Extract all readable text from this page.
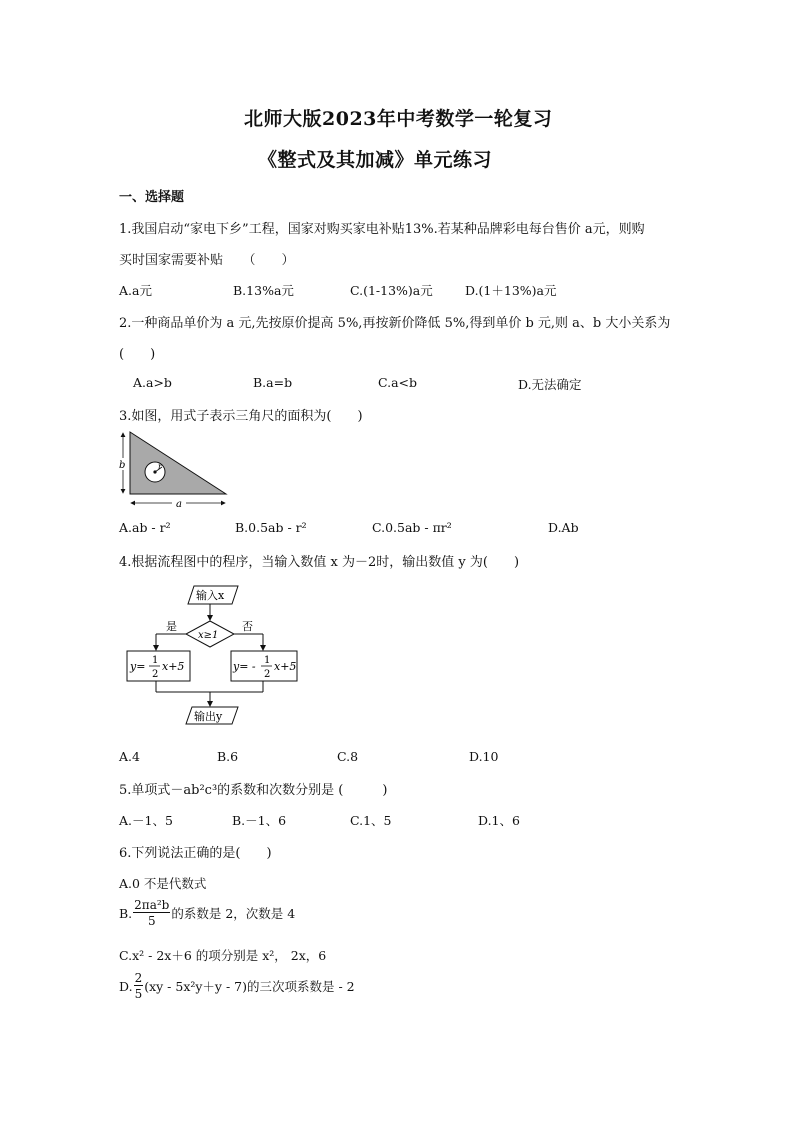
北师大版2023年中考数学一轮复习
《整式及其加减》单元练习
一、选择题
1.我国启动“家电下乡”工程，国家对购买家电补贴13%.若某种品牌彩电每台售价 a元，则购
买时国家需要补贴　　（　　）
A.a元	B.13%a元	C.(1-13%)a元	D.(1＋13%)a元
2.一种商品单价为 a 元,先按原价提高 5%,再按新价降低 5%,得到单价 b 元,则 a、b 大小关系为
(　　)
A.a>b	B.a=b	C.a<b	D.无法确定
3.如图，用式子表示三角尺的面积为(　　)
r
b
a
A.ab - r²	B.0.5ab - r²	C.0.5ab - πr²	D.Ab
4.根据流程图中的程序，当输入数值 x 为－2时，输出数值 y 为(　　)
输入x
x≥1
是	否
y= 1
2
x+5	y= - 1
2
x+5
输出y
A.4	B.6	C.8	D.10
5.单项式－ab²c³的系数和次数分别是 (　　　)
A.－1、5	B.－1、6	C.1、5	D.1、6
6.下列说法正确的是(　　)
A.0 不是代数式
B. $\frac{\text{2πa²b}}{5}$ 的系数是 2，次数是 4
C.x² - 2x＋6 的项分别是 x²， 2x，6
D. $\frac{2}{5} (xy - 5x^2y+y - 7)$的三次项系数是 - 2
